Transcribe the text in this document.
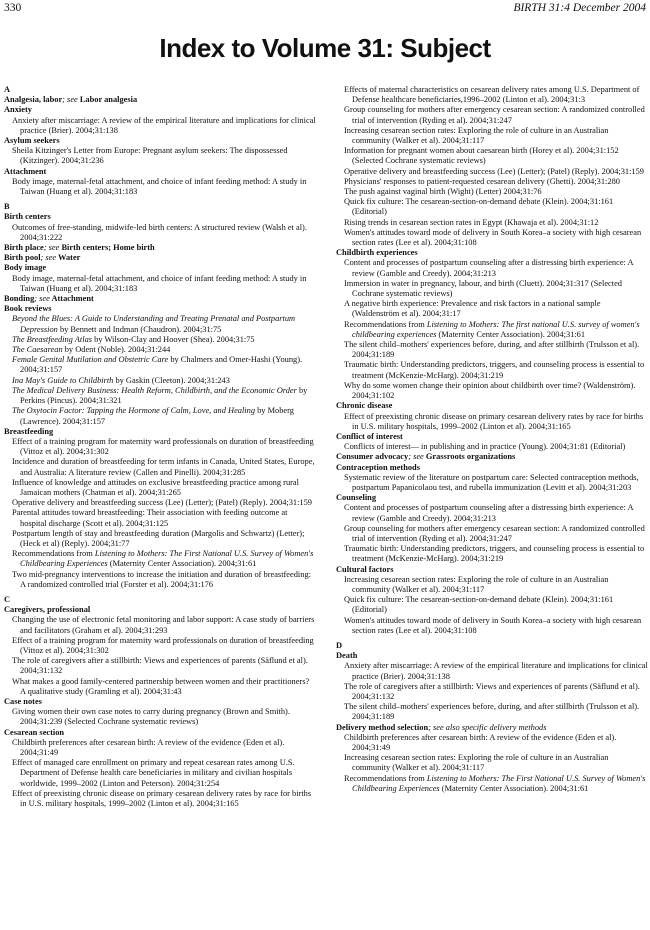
330	BIRTH 31:4 December 2004
Index to Volume 31: Subject
A
Analgesia, labor; see Labor analgesia
Anxiety
Anxiety after miscarriage: A review of the empirical literature and implications for clinical practice (Brier). 2004;31:138
Asylum seekers
Sheila Kitzinger's Letter from Europe: Pregnant asylum seekers: The dispossessed (Kitzinger). 2004;31:236
Attachment
Body image, maternal-fetal attachment, and choice of infant feeding method: A study in Taiwan (Huang et al). 2004;31:183
B
Birth centers
Outcomes of free-standing, midwife-led birth centers: A structured review (Walsh et al). 2004;31:222
Birth place; see Birth centers; Home birth
Birth pool; see Water
Body image
Body image, maternal-fetal attachment, and choice of infant feeding method: A study in Taiwan (Huang et al). 2004;31:183
Bonding; see Attachment
Book reviews
Beyond the Blues: A Guide to Understanding and Treating Prenatal and Postpartum Depression by Bennett and Indman (Chaudron). 2004;31:75
The Breastfeeding Atlas by Wilson-Clay and Hoover (Shea). 2004;31:75
The Caesarean by Odent (Noble). 2004;31:244
Female Genital Mutilation and Obstetric Care by Chalmers and Omer-Hashi (Young). 2004;31:157
Ina May's Guide to Childbirth by Gaskin (Cleeton). 2004;31:243
The Medical Delivery Business: Health Reform, Childbirth, and the Economic Order by Perkins (Pincus). 2004;31:321
The Oxytocin Factor: Tapping the Hormone of Calm, Love, and Healing by Moberg (Lawrence). 2004;31:157
Breastfeeding
Effect of a training program for maternity ward professionals on duration of breastfeeding (Vittoz et al). 2004;31:302
Incidence and duration of breastfeeding for term infants in Canada, United States, Europe, and Australia: A literature review (Callen and Pinelli). 2004;31:285
Influence of knowledge and attitudes on exclusive breastfeeding practice among rural Jamaican mothers (Chatman et al). 2004;31:265
Operative delivery and breastfeeding success (Lee) (Letter); (Patel) (Reply). 2004;31:159
Parental attitudes toward breastfeeding: Their association with feeding outcome at hospital discharge (Scott et al). 2004;31:125
Postpartum length of stay and breastfeeding duration (Margolis and Schwartz) (Letter); (Heck et al) (Reply). 2004;31:77
Recommendations from Listening to Mothers: The First National U.S. Survey of Women's Childbearing Experiences (Maternity Center Association). 2004;31:61
Two mid-pregnancy interventions to increase the initiation and duration of breastfeeding: A randomized controlled trial (Forster et al). 2004;31:176
C
Caregivers, professional
Changing the use of electronic fetal monitoring and labor support: A case study of barriers and facilitators (Graham et al). 2004;31:293
Effect of a training program for maternity ward professionals on duration of breastfeeding (Vittoz et al). 2004;31:302
The role of caregivers after a stillbirth: Views and experiences of parents (Säflund et al). 2004;31:132
What makes a good family-centered partnership between women and their practitioners? A qualitative study (Gramling et al). 2004;31:43
Case notes
Giving women their own case notes to carry during pregnancy (Brown and Smith). 2004;31:239 (Selected Cochrane systematic reviews)
Cesarean section
Childbirth preferences after cesarean birth: A review of the evidence (Eden et al). 2004;31:49
Effect of managed care enrollment on primary and repeat cesarean rates among U.S. Department of Defense health care beneficiaries in military and civilian hospitals worldwide, 1999–2002 (Linton and Peterson). 2004;31:254
Effect of preexisting chronic disease on primary cesarean delivery rates by race for births in U.S. military hospitals, 1999–2002 (Linton et al). 2004;31:165
Effects of maternal characteristics on cesarean delivery rates among U.S. Department of Defense healthcare beneficiaries,1996–2002 (Linton et al). 2004;31:3
Group counseling for mothers after emergency cesarean section: A randomized controlled trial of intervention (Ryding et al). 2004;31:247
Increasing cesarean section rates: Exploring the role of culture in an Australian community (Walker et al). 2004;31:117
Information for pregnant women about caesarean birth (Horey et al). 2004;31:152 (Selected Cochrane systematic reviews)
Operative delivery and breastfeeding success (Lee) (Letter); (Patel) (Reply). 2004;31:159
Physicians' responses to patient-requested cesarean delivery (Ghetti). 2004;31:280
The push against vaginal birth (Wight) (Letter) 2004;31:76
Quick fix culture: The cesarean-section-on-demand debate (Klein). 2004;31:161 (Editorial)
Rising trends in cesarean section rates in Egypt (Khawaja et al). 2004;31:12
Women's attitudes toward mode of delivery in South Korea–a society with high cesarean section rates (Lee et al). 2004;31:108
Childbirth experiences
Content and processes of postpartum counseling after a distressing birth experience: A review (Gamble and Creedy). 2004;31:213
Immersion in water in pregnancy, labour, and birth (Cluett). 2004;31:317 (Selected Cochrane systematic reviews)
A negative birth experience: Prevalence and risk factors in a national sample (Waldenström et al). 2004;31:17
Recommendations from Listening to Mothers: The first national U.S. survey of women's childbearing experiences (Maternity Center Association). 2004;31:61
The silent child–mothers' experiences before, during, and after stillbirth (Trulsson et al). 2004;31:189
Traumatic birth: Understanding predictors, triggers, and counseling process is essential to treatment (McKenzie-McHarg). 2004;31:219
Why do some women change their opinion about childbirth over time? (Waldenström). 2004;31:102
Chronic disease
Effect of preexisting chronic disease on primary cesarean delivery rates by race for births in U.S. military hospitals, 1999–2002 (Linton et al). 2004;31:165
Conflict of interest
Conflicts of interest— in publishing and in practice (Young). 2004;31:81 (Editorial)
Consumer advocacy; see Grassroots organizations
Contraception methods
Systematic review of the literature on postpartum care: Selected contraception methods, postpartum Papanicolaou test, and rubella immunization (Levitt et al). 2004;31:203
Counseling
Content and processes of postpartum counseling after a distressing birth experience: A review (Gamble and Creedy). 2004;31:213
Group counseling for mothers after emergency cesarean section: A randomized controlled trial of intervention (Ryding et al). 2004;31:247
Traumatic birth: Understanding predictors, triggers, and counseling process is essential to treatment (McKenzie-McHarg). 2004;31:219
Cultural factors
Increasing cesarean section rates: Exploring the role of culture in an Australian community (Walker et al). 2004;31:117
Quick fix culture: The cesarean-section-on-demand debate (Klein). 2004;31:161 (Editorial)
Women's attitudes toward mode of delivery in South Korea–a society with high cesarean section rates (Lee et al). 2004;31:108
D
Death
Anxiety after miscarriage: A review of the empirical literature and implications for clinical practice (Brier). 2004;31:138
The role of caregivers after a stillbirth: Views and experiences of parents (Säflund et al). 2004;31:132
The silent child–mothers' experiences before, during, and after stillbirth (Trulsson et al). 2004;31:189
Delivery method selection; see also specific delivery methods
Childbirth preferences after cesarean birth: A review of the evidence (Eden et al). 2004;31:49
Increasing cesarean section rates: Exploring the role of culture in an Australian community (Walker et al). 2004;31:117
Recommendations from Listening to Mothers: The First National U.S. Survey of Women's Childbearing Experiences (Maternity Center Association). 2004;31:61
